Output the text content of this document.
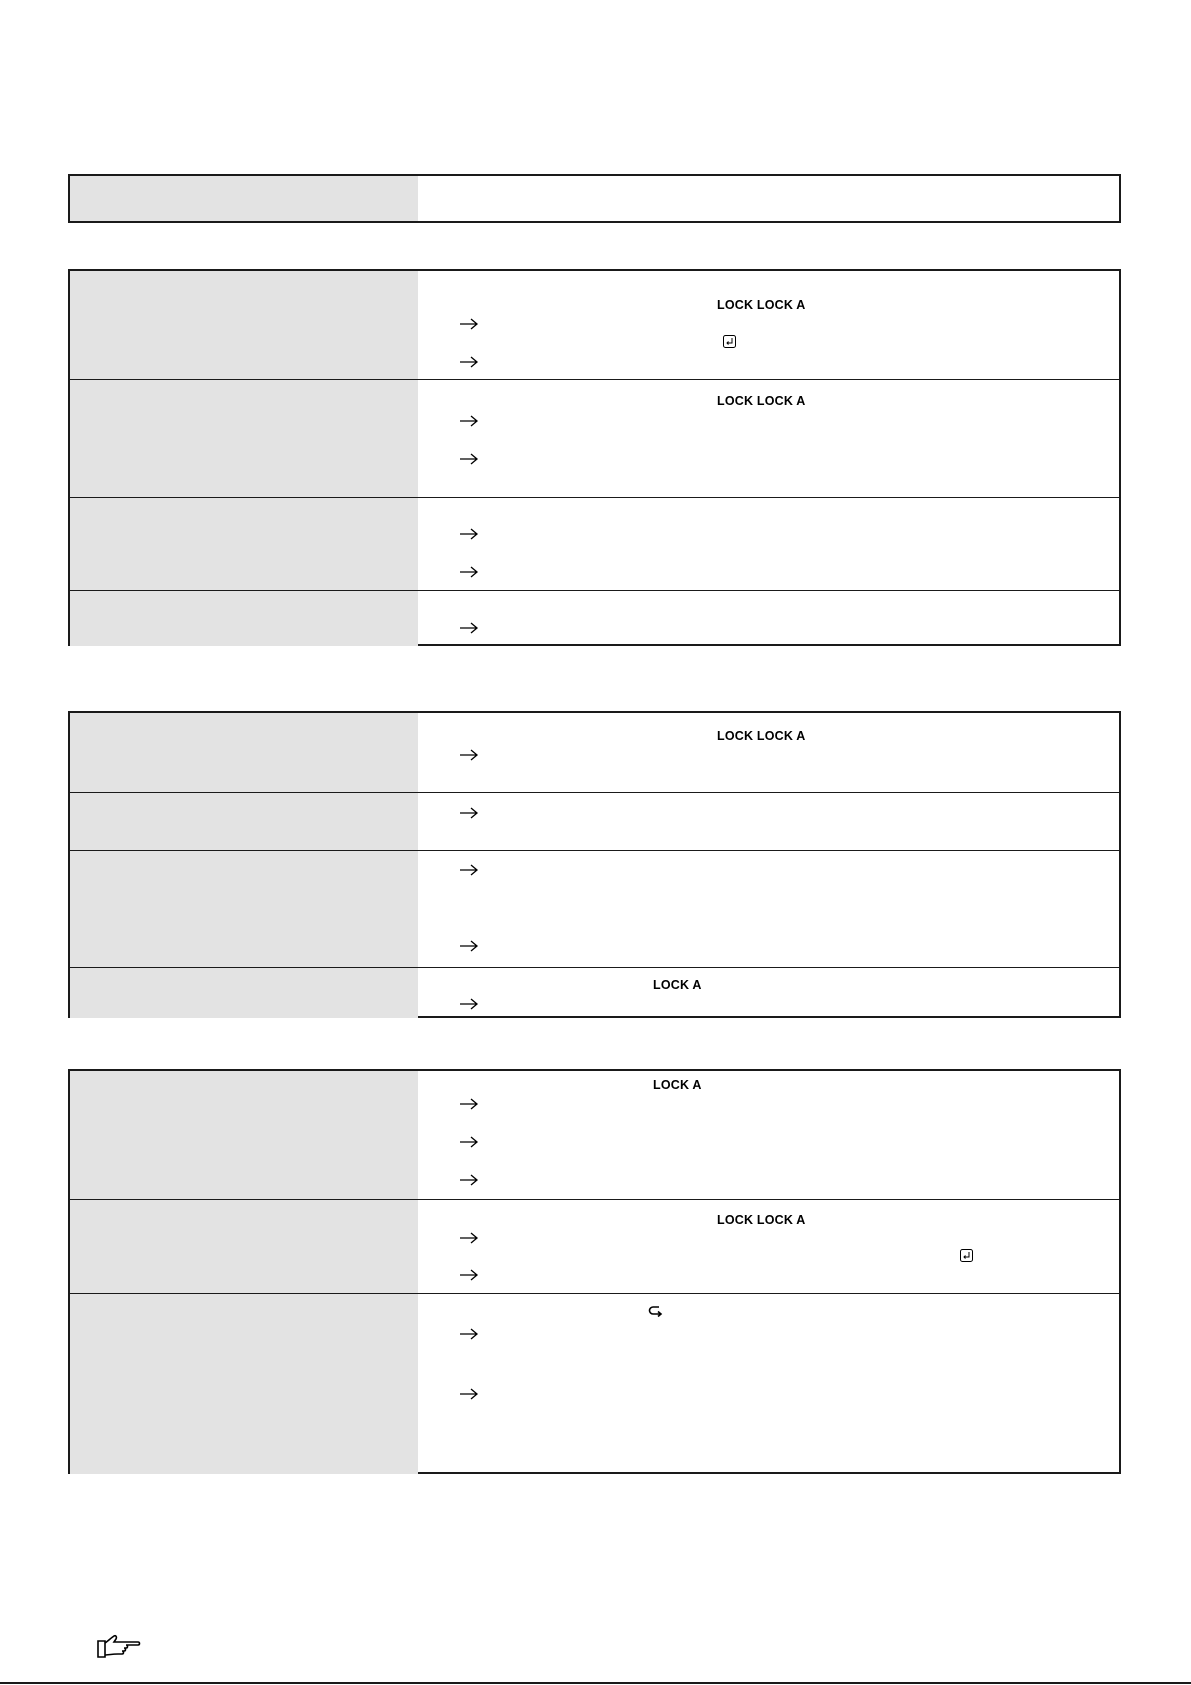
LOCK LOCK A
LOCK LOCK A
LOCK LOCK A
LOCK A
LOCK A
LOCK LOCK A
